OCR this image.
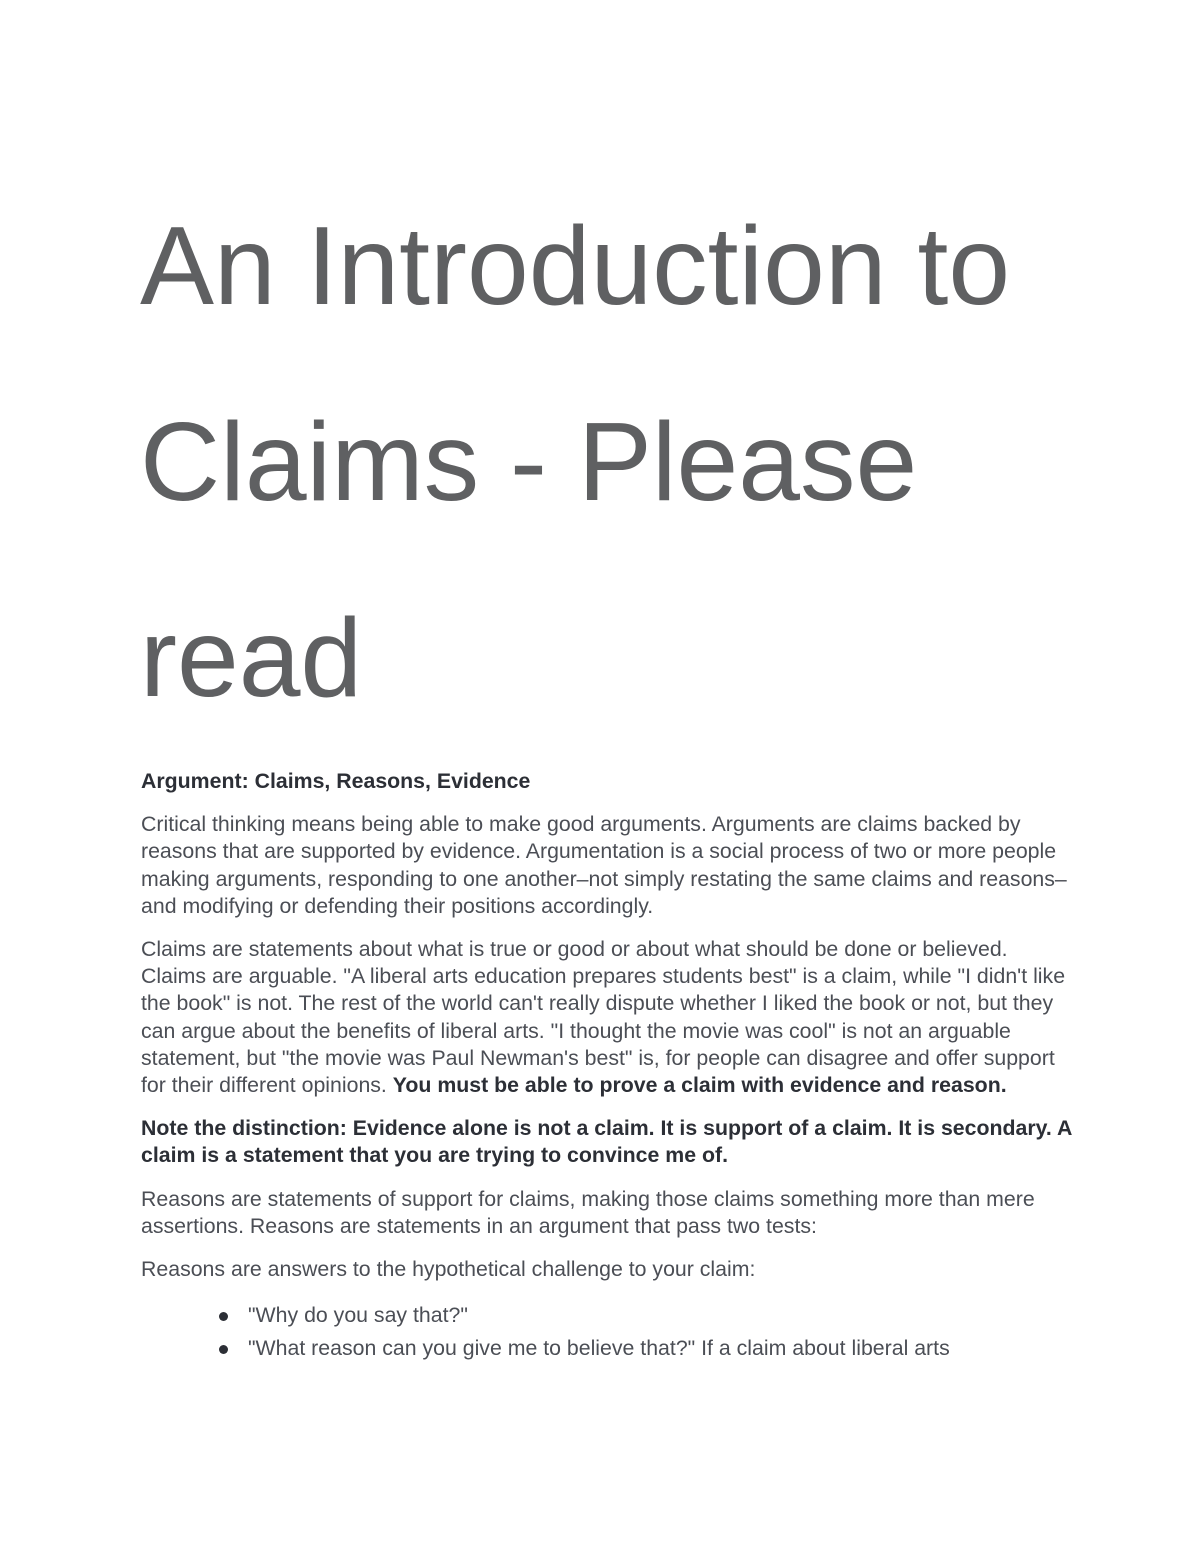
An Introduction to Claims - Please read

Argument: Claims, Reasons, Evidence

Critical thinking means being able to make good arguments. Arguments are claims backed by reasons that are supported by evidence. Argumentation is a social process of two or more people making arguments, responding to one another–not simply restating the same claims and reasons–and modifying or defending their positions accordingly.

Claims are statements about what is true or good or about what should be done or believed. Claims are arguable. "A liberal arts education prepares students best" is a claim, while "I didn't like the book" is not. The rest of the world can't really dispute whether I liked the book or not, but they can argue about the benefits of liberal arts. "I thought the movie was cool" is not an arguable statement, but "the movie was Paul Newman's best" is, for people can disagree and offer support for their different opinions. You must be able to prove a claim with evidence and reason.

Note the distinction: Evidence alone is not a claim. It is support of a claim. It is secondary. A claim is a statement that you are trying to convince me of.

Reasons are statements of support for claims, making those claims something more than mere assertions. Reasons are statements in an argument that pass two tests:

Reasons are answers to the hypothetical challenge to your claim:

"Why do you say that?"
"What reason can you give me to believe that?" If a claim about liberal arts
